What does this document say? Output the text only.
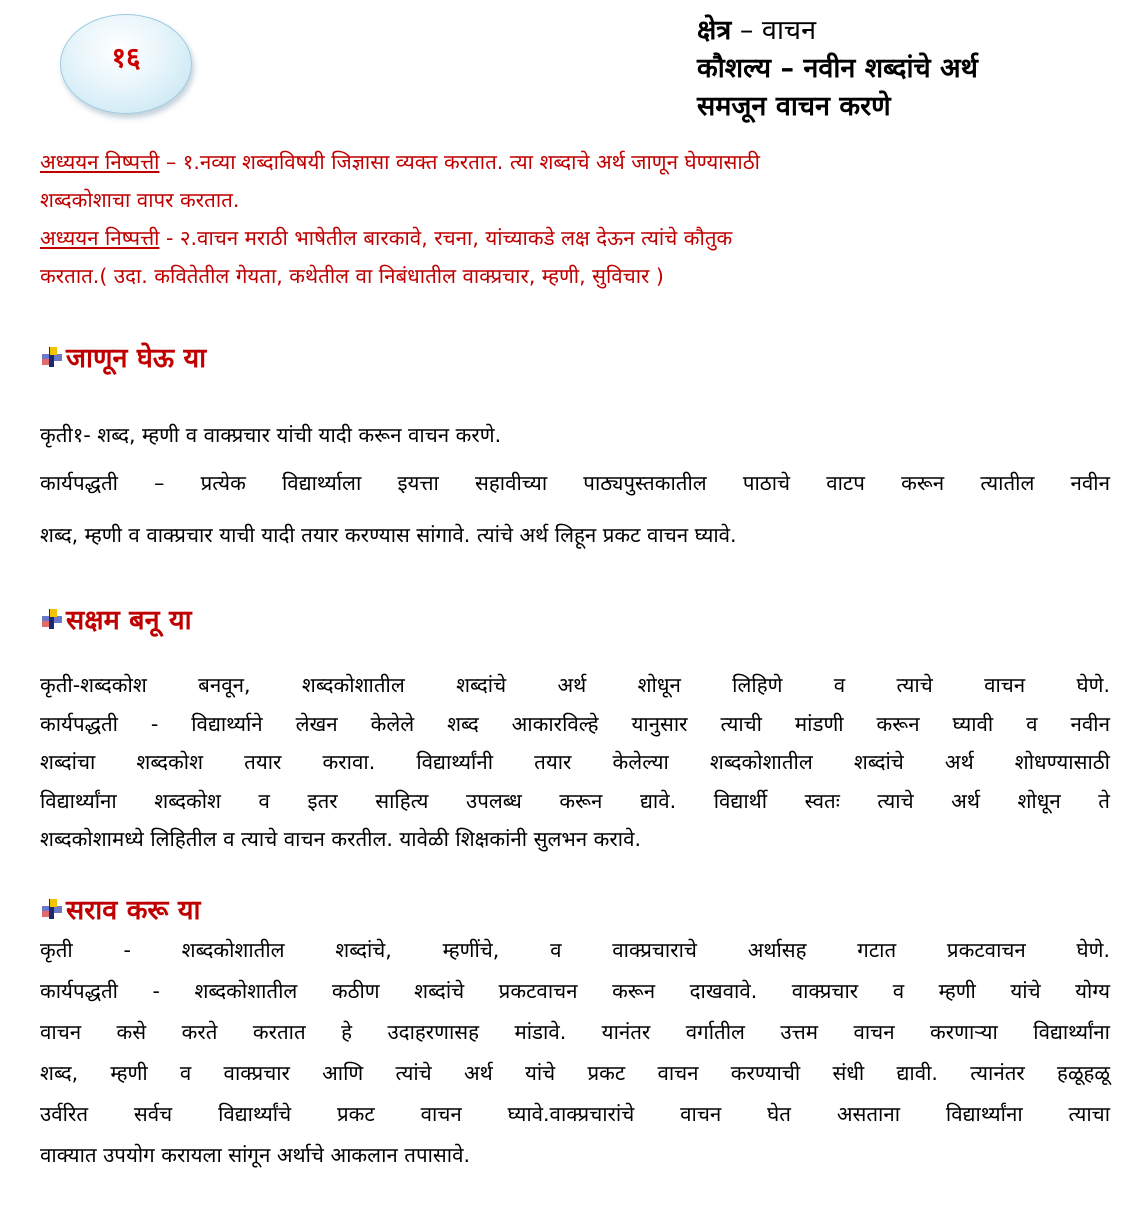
१६
क्षेत्र – वाचन
कौशल्य – नवीन शब्दांचे अर्थ
समजून वाचन करणे

अध्ययन निष्पत्ती – १.नव्या शब्दाविषयी जिज्ञासा व्यक्त करतात. त्या शब्दाचे अर्थ जाणून घेण्यासाठी

शब्दकोशाचा वापर करतात.

अध्ययन निष्पत्ती - २.वाचन मराठी भाषेतील बारकावे, रचना, यांच्याकडे लक्ष देऊन त्यांचे कौतुक

करतात.( उदा. कवितेतील गेयता, कथेतील वा निबंधातील वाक्प्रचार, म्हणी, सुविचार )

जाणून घेऊ या

कृती१- शब्द, म्हणी व वाक्प्रचार यांची यादी करून वाचन करणे.

कार्यपद्धती – प्रत्येक विद्यार्थ्याला इयत्ता सहावीच्या पाठ्यपुस्तकातील पाठाचे वाटप करून त्यातील नवीन

शब्द, म्हणी व वाक्प्रचार याची यादी तयार करण्यास सांगावे. त्यांचे अर्थ लिहून प्रकट वाचन घ्यावे.

सक्षम बनू या

कृती-शब्दकोश बनवून, शब्दकोशातील शब्दांचे अर्थ शोधून लिहिणे व त्याचे वाचन घेणे.

कार्यपद्धती - विद्यार्थ्याने लेखन केलेले शब्द आकारविल्हे यानुसार त्याची मांडणी करून घ्यावी व नवीन

शब्दांचा शब्दकोश तयार करावा. विद्यार्थ्यांनी तयार केलेल्या शब्दकोशातील शब्दांचे अर्थ शोधण्यासाठी

विद्यार्थ्यांना शब्दकोश व इतर साहित्य उपलब्ध करून द्यावे. विद्यार्थी स्वतः त्याचे अर्थ शोधून ते

शब्दकोशामध्ये लिहितील व त्याचे वाचन करतील. यावेळी शिक्षकांनी सुलभन करावे.

सराव करू या

कृती - शब्दकोशातील शब्दांचे, म्हणींचे, व वाक्प्रचाराचे अर्थासह गटात प्रकटवाचन घेणे.

कार्यपद्धती - शब्दकोशातील कठीण शब्दांचे प्रकटवाचन करून दाखवावे. वाक्प्रचार व म्हणी यांचे योग्य

वाचन कसे करते करतात हे उदाहरणासह मांडावे. यानंतर वर्गातील उत्तम वाचन करणाऱ्या विद्यार्थ्यांना

शब्द, म्हणी व वाक्प्रचार आणि त्यांचे अर्थ यांचे प्रकट वाचन करण्याची संधी द्यावी. त्यानंतर हळूहळू

उर्वरित सर्वच विद्यार्थ्यांचे प्रकट वाचन घ्यावे.वाक्प्रचारांचे वाचन घेत असताना विद्यार्थ्यांना त्याचा

वाक्यात उपयोग करायला सांगून अर्थाचे आकलान तपासावे.
